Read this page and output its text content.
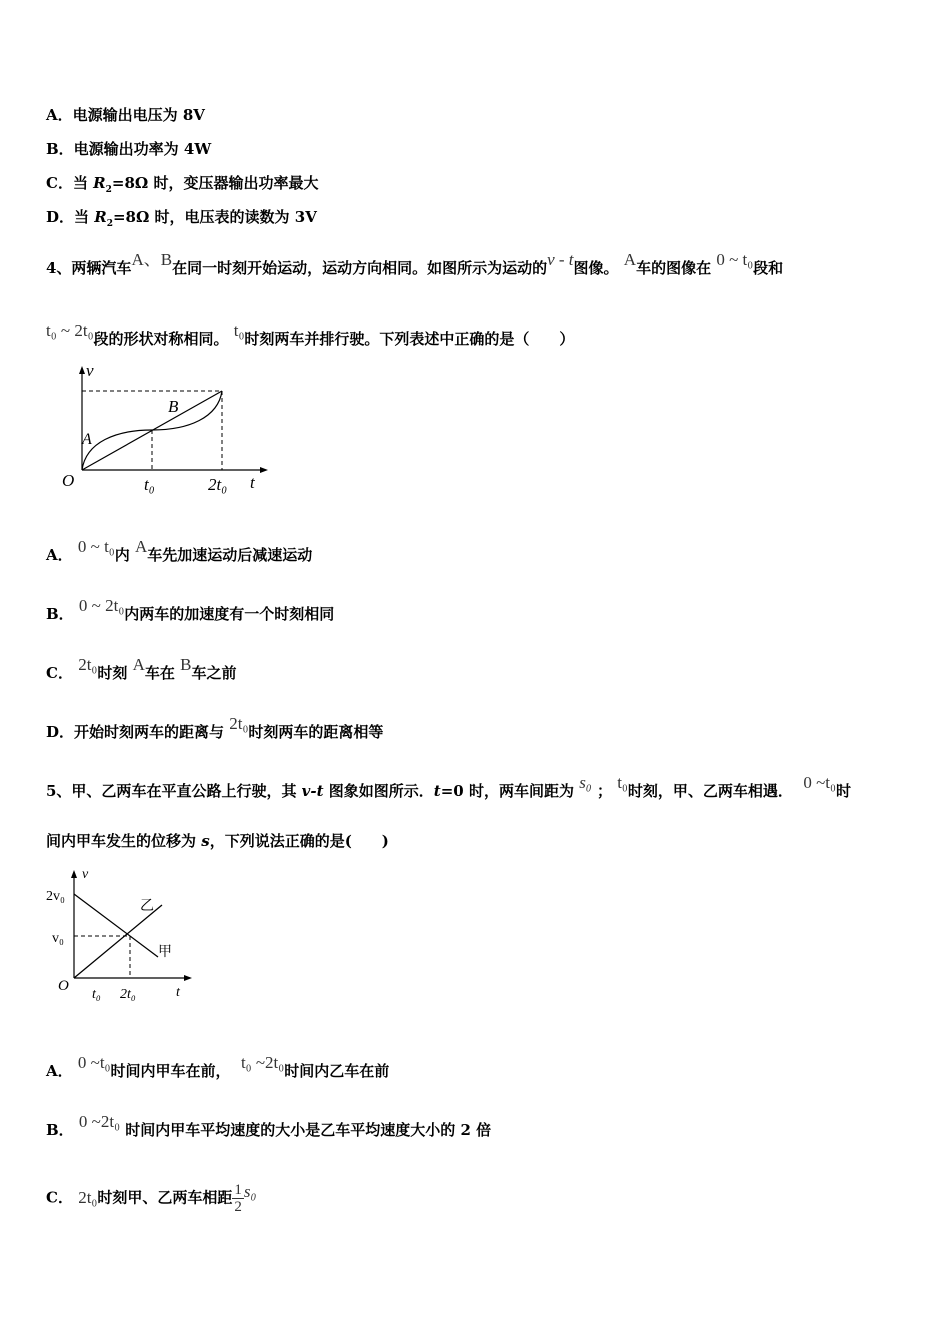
A．电源输出电压为 8V
B．电源输出功率为 4W
C．当 $R_2=8\Omega$ 时，变压器输出功率最大
D．当 $R_2=8\Omega$ 时，电压表的读数为 3V
4、两辆汽车A、B在同一时刻开始运动，运动方向相同。如图所示为运动的v - t图像。 A车的图像在 0 ~ t₀段和
t₀ ~ 2t₀段的形状对称相同。 t₀时刻两车并排行驶。下列表述中正确的是（　　）
v
A
B
O	t₀	2t₀ t
A． 0 ~ t₀内 A车先加速运动后减速运动
B． 0 ~ 2t₀内两车的加速度有一个时刻相同
C． 2t₀时刻 A车在 B车之前
D．开始时刻两车的距离与 2t₀时刻两车的距离相等
5、甲、乙两车在平直公路上行驶，其 v-t 图象如图所示．t=0 时，两车间距为 s₀ ； t₀时刻，甲、乙两车相遇． 0 ~t₀时
间内甲车发生的位移为 s，下列说法正确的是(　　)
v
2v₀
v₀
乙
甲
O
t₀ 2t₀	t
A． 0 ~t₀时间内甲车在前， t₀ ~2t₀时间内乙车在前
B． 0 ~2t₀ 时间内甲车平均速度的大小是乙车平均速度大小的 2 倍
C． 2t₀时刻甲、乙两车相距 $\frac{1}{2} s_0$
